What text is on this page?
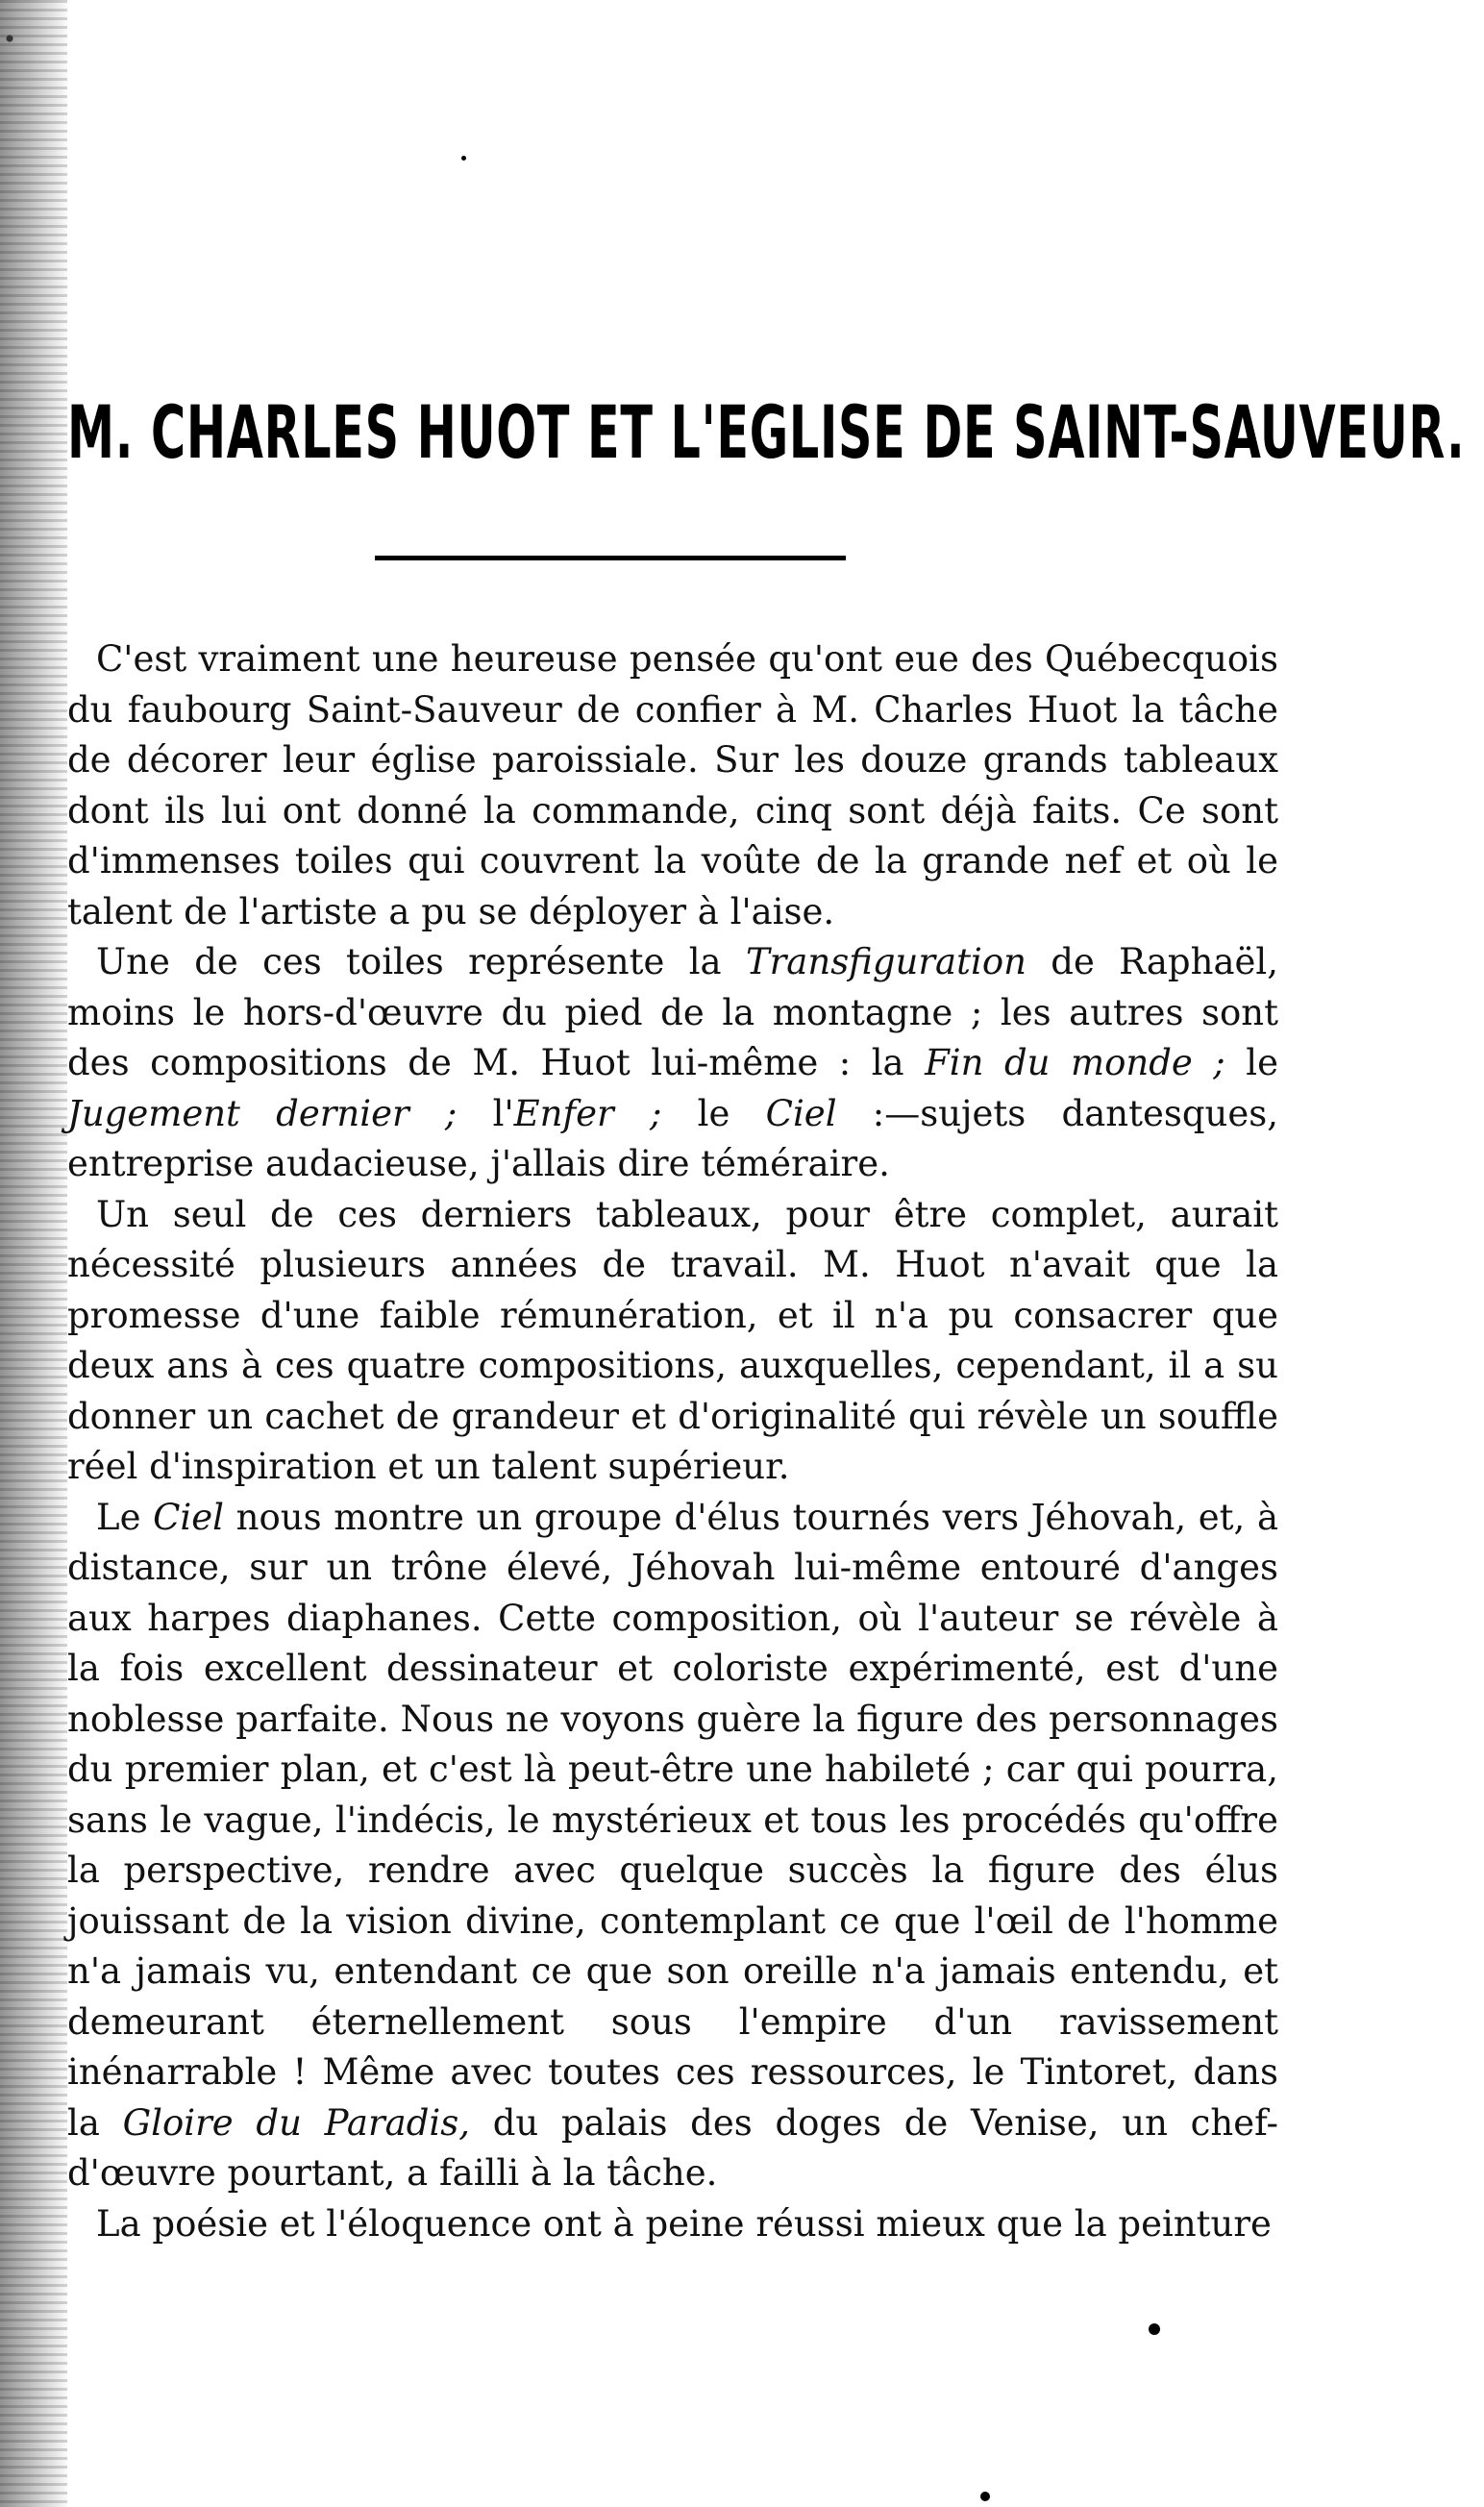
M. CHARLES HUOT ET L'EGLISE DE SAINT-SAUVEUR.

C'est vraiment une heureuse pensée qu'ont eue des Québecquois du faubourg Saint-Sauveur de confier à M. Charles Huot la tâche de décorer leur église paroissiale. Sur les douze grands tableaux dont ils lui ont donné la commande, cinq sont déjà faits. Ce sont d'immenses toiles qui couvrent la voûte de la grande nef et où le talent de l'artiste a pu se déployer à l'aise.

Une de ces toiles représente la Transfiguration de Raphaël, moins le hors-d'œuvre du pied de la montagne ; les autres sont des compositions de M. Huot lui-même : la Fin du monde ; le Jugement dernier ; l'Enfer ; le Ciel :—sujets dantesques, entreprise audacieuse, j'allais dire téméraire.

Un seul de ces derniers tableaux, pour être complet, aurait nécessité plusieurs années de travail. M. Huot n'avait que la promesse d'une faible rémunération, et il n'a pu consacrer que deux ans à ces quatre compositions, auxquelles, cependant, il a su donner un cachet de grandeur et d'originalité qui révèle un souffle réel d'inspiration et un talent supérieur.

Le Ciel nous montre un groupe d'élus tournés vers Jéhovah, et, à distance, sur un trône élevé, Jéhovah lui-même entouré d'anges aux harpes diaphanes. Cette composition, où l'auteur se révèle à la fois excellent dessinateur et coloriste expérimenté, est d'une noblesse parfaite. Nous ne voyons guère la figure des personnages du premier plan, et c'est là peut-être une habileté ; car qui pourra, sans le vague, l'indécis, le mystérieux et tous les procédés qu'offre la perspective, rendre avec quelque succès la figure des élus jouissant de la vision divine, contemplant ce que l'œil de l'homme n'a jamais vu, entendant ce que son oreille n'a jamais entendu, et demeurant éternellement sous l'empire d'un ravissement inénarrable ! Même avec toutes ces ressources, le Tintoret, dans la Gloire du Paradis, du palais des doges de Venise, un chef-d'œuvre pourtant, a failli à la tâche.

La poésie et l'éloquence ont à peine réussi mieux que la peinture
